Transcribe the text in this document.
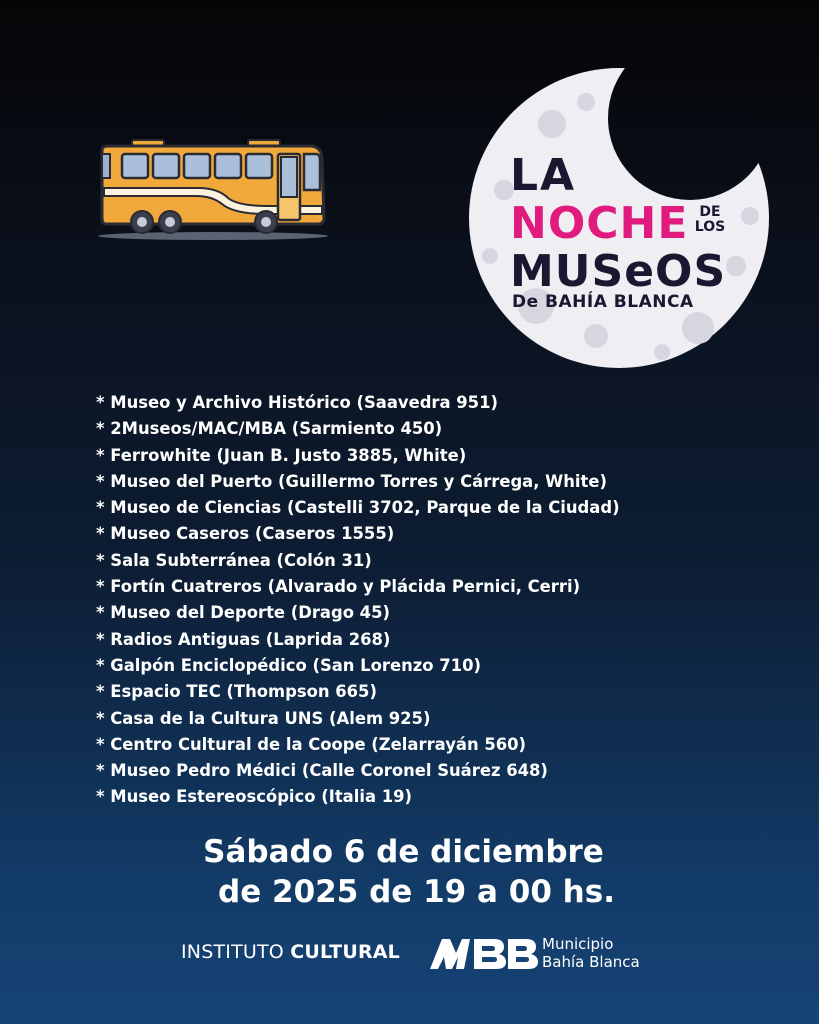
LA
NOCHE DE
LOS
MUSeOS
De BAHÍA BLANCA
* Museo y Archivo Histórico (Saavedra 951)
* 2Museos/MAC/MBA (Sarmiento 450)
* Ferrowhite (Juan B. Justo 3885, White)
* Museo del Puerto (Guillermo Torres y Cárrega, White)
* Museo de Ciencias (Castelli 3702, Parque de la Ciudad)
* Museo Caseros (Caseros 1555)
* Sala Subterránea (Colón 31)
* Fortín Cuatreros (Alvarado y Plácida Pernici, Cerri)
* Museo del Deporte (Drago 45)
* Radios Antiguas (Laprida 268)
* Galpón Enciclopédico (San Lorenzo 710)
* Espacio TEC (Thompson 665)
* Casa de la Cultura UNS (Alem 925)
* Centro Cultural de la Coope (Zelarrayán 560)
* Museo Pedro Médici (Calle Coronel Suárez 648)
* Museo Estereoscópico (Italia 19)
Sábado 6 de diciembre
de 2025 de 19 a 00 hs.
INSTITUTO CULTURAL	Municipio
Bahía Blanca
